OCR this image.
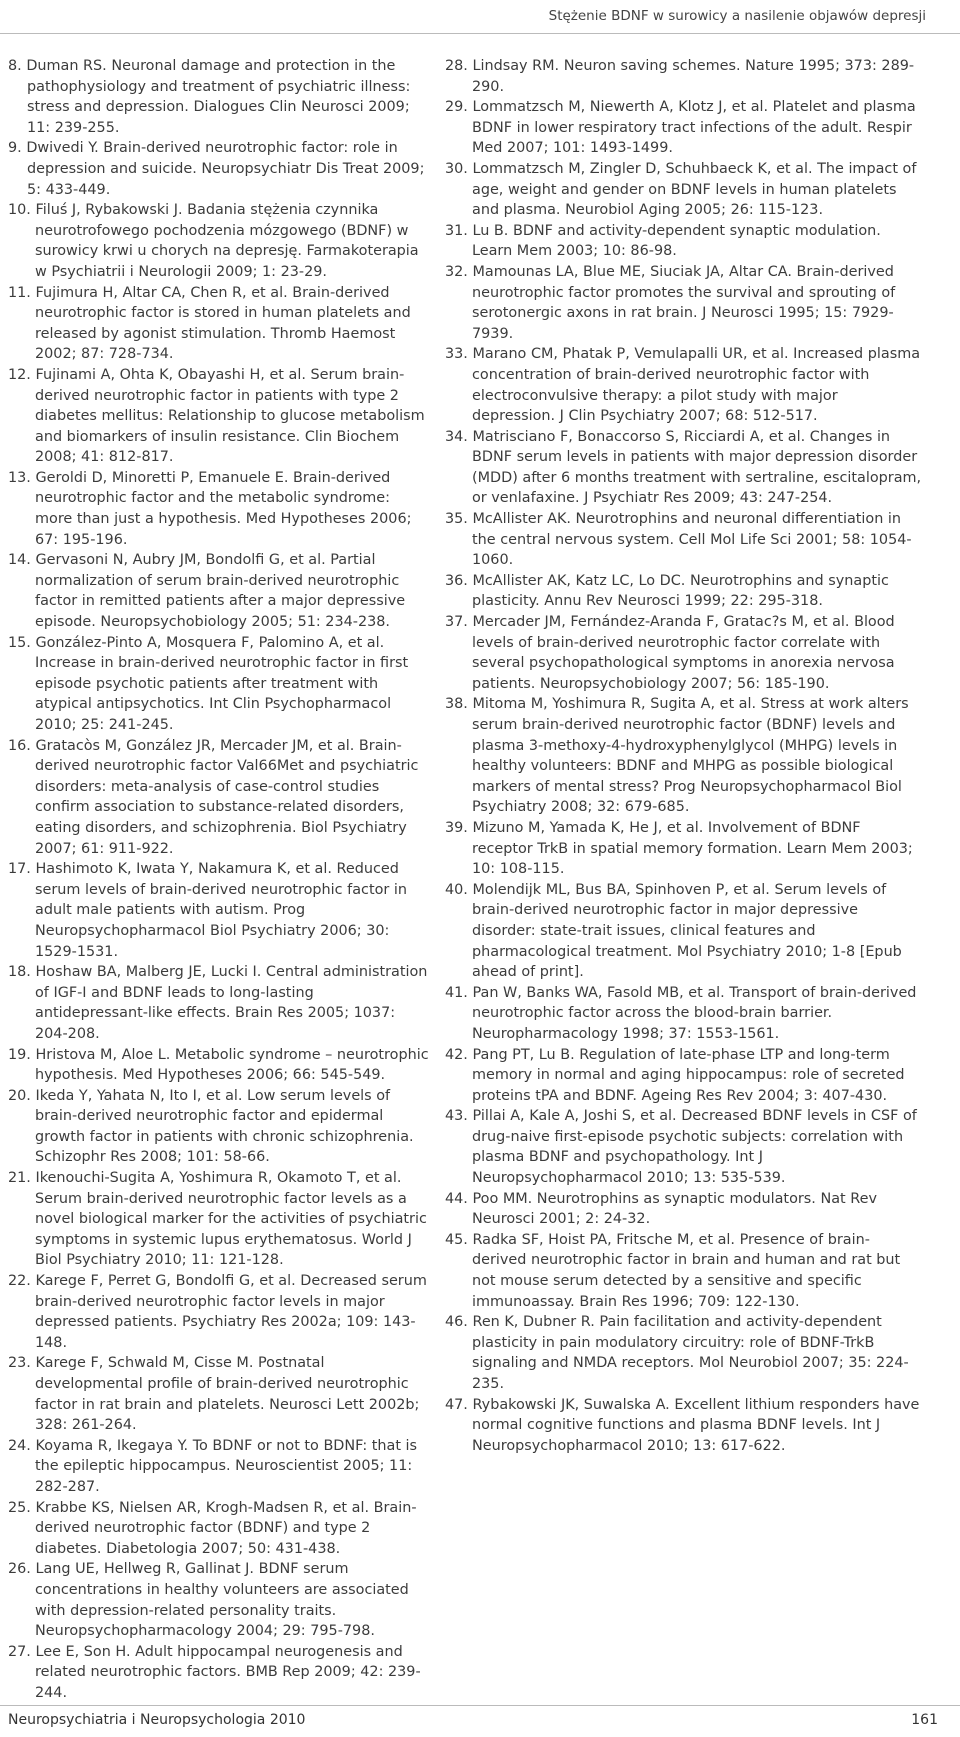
Stężenie BDNF w surowicy a nasilenie objawów depresji
8. Duman RS. Neuronal damage and protection in the pathophysiology and treatment of psychiatric illness: stress and depression. Dialogues Clin Neurosci 2009; 11: 239-255.
9. Dwivedi Y. Brain-derived neurotrophic factor: role in depression and suicide. Neuropsychiatr Dis Treat 2009; 5: 433-449.
10. Filuś J, Rybakowski J. Badania stężenia czynnika neurotrofowego pochodzenia mózgowego (BDNF) w surowicy krwi u chorych na depresję. Farmakoterapia w Psychiatrii i Neurologii 2009; 1: 23-29.
11. Fujimura H, Altar CA, Chen R, et al. Brain-derived neurotrophic factor is stored in human platelets and released by agonist stimulation. Thromb Haemost 2002; 87: 728-734.
12. Fujinami A, Ohta K, Obayashi H, et al. Serum brain-derived neurotrophic factor in patients with type 2 diabetes mellitus: Relationship to glucose metabolism and biomarkers of insulin resistance. Clin Biochem 2008; 41: 812-817.
13. Geroldi D, Minoretti P, Emanuele E. Brain-derived neurotrophic factor and the metabolic syndrome: more than just a hypothesis. Med Hypotheses 2006; 67: 195-196.
14. Gervasoni N, Aubry JM, Bondolfi G, et al. Partial normalization of serum brain-derived neurotrophic factor in remitted patients after a major depressive episode. Neuropsychobiology 2005; 51: 234-238.
15. González-Pinto A, Mosquera F, Palomino A, et al. Increase in brain-derived neurotrophic factor in first episode psychotic patients after treatment with atypical antipsychotics. Int Clin Psychopharmacol 2010; 25: 241-245.
16. Gratacòs M, González JR, Mercader JM, et al. Brain-derived neurotrophic factor Val66Met and psychiatric disorders: meta-analysis of case-control studies confirm association to substance-related disorders, eating disorders, and schizophrenia. Biol Psychiatry 2007; 61: 911-922.
17. Hashimoto K, Iwata Y, Nakamura K, et al. Reduced serum levels of brain-derived neurotrophic factor in adult male patients with autism. Prog Neuropsychopharmacol Biol Psychiatry 2006; 30: 1529-1531.
18. Hoshaw BA, Malberg JE, Lucki I. Central administration of IGF-I and BDNF leads to long-lasting antidepressant-like effects. Brain Res 2005; 1037: 204-208.
19. Hristova M, Aloe L. Metabolic syndrome – neurotrophic hypothesis. Med Hypotheses 2006; 66: 545-549.
20. Ikeda Y, Yahata N, Ito I, et al. Low serum levels of brain-derived neurotrophic factor and epidermal growth factor in patients with chronic schizophrenia. Schizophr Res 2008; 101: 58-66.
21. Ikenouchi-Sugita A, Yoshimura R, Okamoto T, et al. Serum brain-derived neurotrophic factor levels as a novel biological marker for the activities of psychiatric symptoms in systemic lupus erythematosus. World J Biol Psychiatry 2010; 11: 121-128.
22. Karege F, Perret G, Bondolfi G, et al. Decreased serum brain-derived neurotrophic factor levels in major depressed patients. Psychiatry Res 2002a; 109: 143-148.
23. Karege F, Schwald M, Cisse M. Postnatal developmental profile of brain-derived neurotrophic factor in rat brain and platelets. Neurosci Lett 2002b; 328: 261-264.
24. Koyama R, Ikegaya Y. To BDNF or not to BDNF: that is the epileptic hippocampus. Neuroscientist 2005; 11: 282-287.
25. Krabbe KS, Nielsen AR, Krogh-Madsen R, et al. Brain-derived neurotrophic factor (BDNF) and type 2 diabetes. Diabetologia 2007; 50: 431-438.
26. Lang UE, Hellweg R, Gallinat J. BDNF serum concentrations in healthy volunteers are associated with depression-related personality traits. Neuropsychopharmacology 2004; 29: 795-798.
27. Lee E, Son H. Adult hippocampal neurogenesis and related neurotrophic factors. BMB Rep 2009; 42: 239-244.
28. Lindsay RM. Neuron saving schemes. Nature 1995; 373: 289-290.
29. Lommatzsch M, Niewerth A, Klotz J, et al. Platelet and plasma BDNF in lower respiratory tract infections of the adult. Respir Med 2007; 101: 1493-1499.
30. Lommatzsch M, Zingler D, Schuhbaeck K, et al. The impact of age, weight and gender on BDNF levels in human platelets and plasma. Neurobiol Aging 2005; 26: 115-123.
31. Lu B. BDNF and activity-dependent synaptic modulation. Learn Mem 2003; 10: 86-98.
32. Mamounas LA, Blue ME, Siuciak JA, Altar CA. Brain-derived neurotrophic factor promotes the survival and sprouting of serotonergic axons in rat brain. J Neurosci 1995; 15: 7929-7939.
33. Marano CM, Phatak P, Vemulapalli UR, et al. Increased plasma concentration of brain-derived neurotrophic factor with electroconvulsive therapy: a pilot study with major depression. J Clin Psychiatry 2007; 68: 512-517.
34. Matrisciano F, Bonaccorso S, Ricciardi A, et al. Changes in BDNF serum levels in patients with major depression disorder (MDD) after 6 months treatment with sertraline, escitalopram, or venlafaxine. J Psychiatr Res 2009; 43: 247-254.
35. McAllister AK. Neurotrophins and neuronal differentiation in the central nervous system. Cell Mol Life Sci 2001; 58: 1054-1060.
36. McAllister AK, Katz LC, Lo DC. Neurotrophins and synaptic plasticity. Annu Rev Neurosci 1999; 22: 295-318.
37. Mercader JM, Fernández-Aranda F, Gratac?s M, et al. Blood levels of brain-derived neurotrophic factor correlate with several psychopathological symptoms in anorexia nervosa patients. Neuropsychobiology 2007; 56: 185-190.
38. Mitoma M, Yoshimura R, Sugita A, et al. Stress at work alters serum brain-derived neurotrophic factor (BDNF) levels and plasma 3-methoxy-4-hydroxyphenylglycol (MHPG) levels in healthy volunteers: BDNF and MHPG as possible biological markers of mental stress? Prog Neuropsychopharmacol Biol Psychiatry 2008; 32: 679-685.
39. Mizuno M, Yamada K, He J, et al. Involvement of BDNF receptor TrkB in spatial memory formation. Learn Mem 2003; 10: 108-115.
40. Molendijk ML, Bus BA, Spinhoven P, et al. Serum levels of brain-derived neurotrophic factor in major depressive disorder: state-trait issues, clinical features and pharmacological treatment. Mol Psychiatry 2010; 1-8 [Epub ahead of print].
41. Pan W, Banks WA, Fasold MB, et al. Transport of brain-derived neurotrophic factor across the blood-brain barrier. Neuropharmacology 1998; 37: 1553-1561.
42. Pang PT, Lu B. Regulation of late-phase LTP and long-term memory in normal and aging hippocampus: role of secreted proteins tPA and BDNF. Ageing Res Rev 2004; 3: 407-430.
43. Pillai A, Kale A, Joshi S, et al. Decreased BDNF levels in CSF of drug-naive first-episode psychotic subjects: correlation with plasma BDNF and psychopathology. Int J Neuropsychopharmacol 2010; 13: 535-539.
44. Poo MM. Neurotrophins as synaptic modulators. Nat Rev Neurosci 2001; 2: 24-32.
45. Radka SF, Hoist PA, Fritsche M, et al. Presence of brain-derived neurotrophic factor in brain and human and rat but not mouse serum detected by a sensitive and specific immunoassay. Brain Res 1996; 709: 122-130.
46. Ren K, Dubner R. Pain facilitation and activity-dependent plasticity in pain modulatory circuitry: role of BDNF-TrkB signaling and NMDA receptors. Mol Neurobiol 2007; 35: 224-235.
47. Rybakowski JK, Suwalska A. Excellent lithium responders have normal cognitive functions and plasma BDNF levels. Int J Neuropsychopharmacol 2010; 13: 617-622.
Neuropsychiatria i Neuropsychologia 2010	161
